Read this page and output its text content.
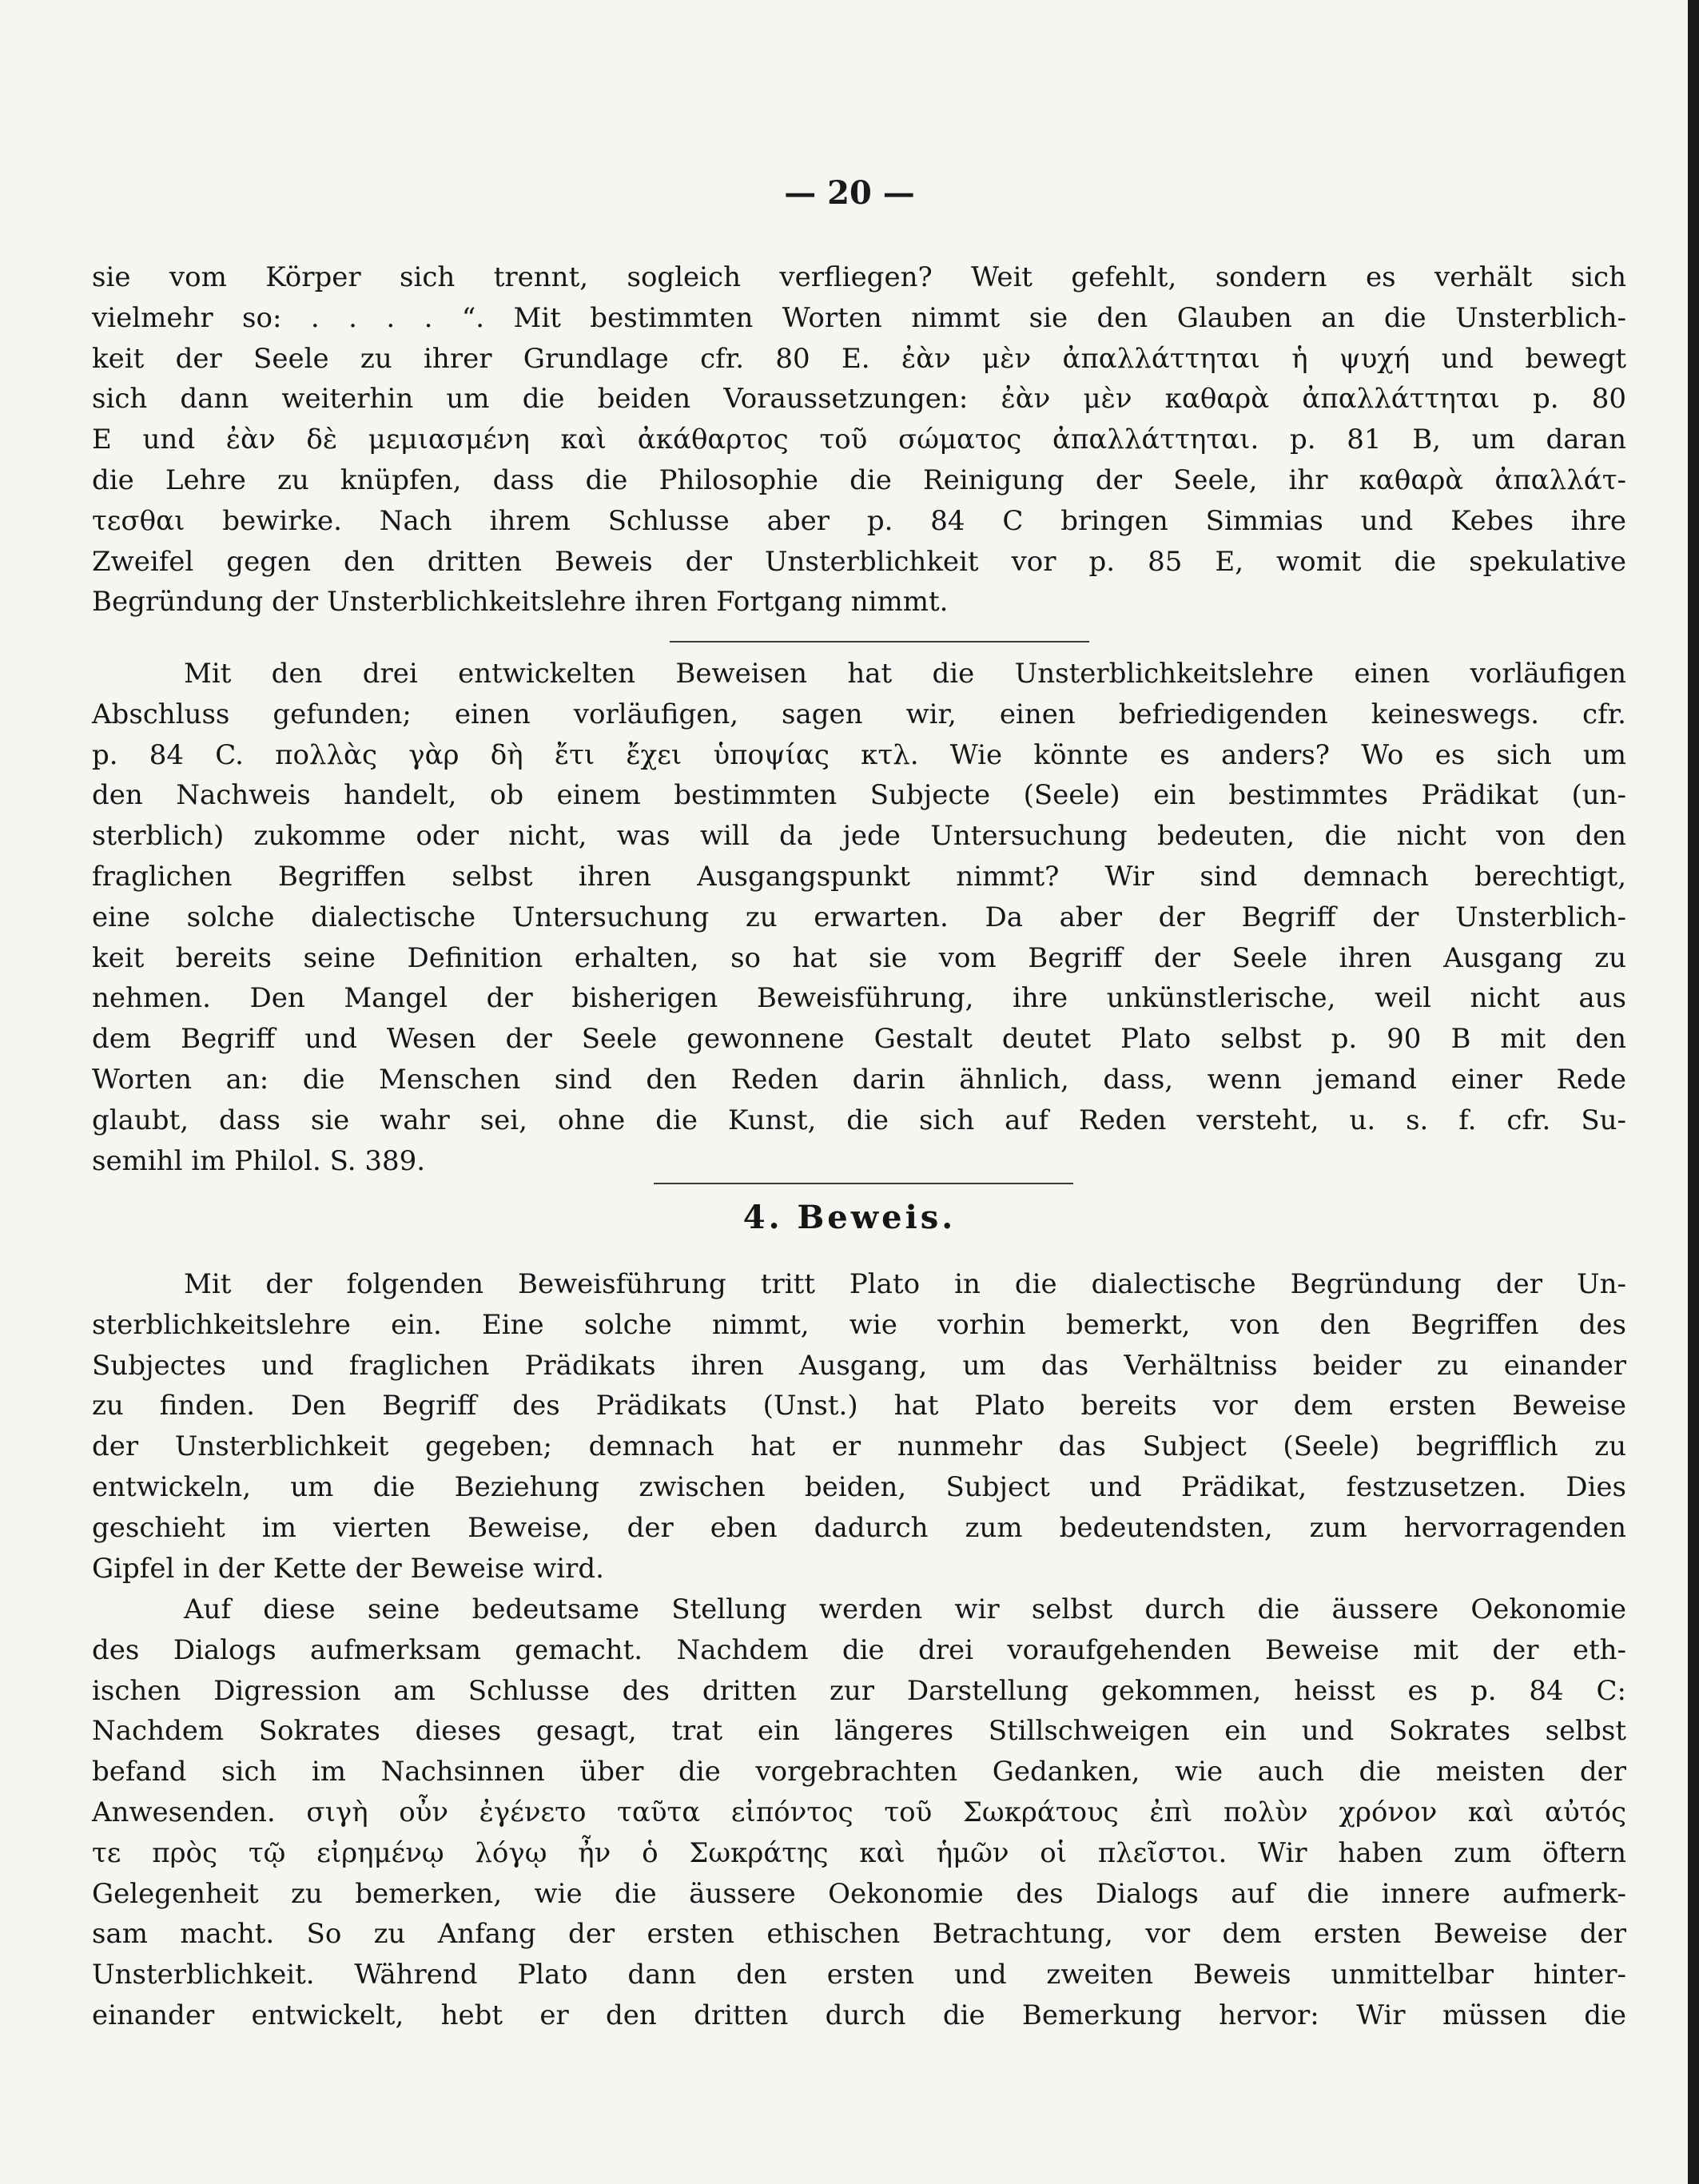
— 20 —

sie vom Körper sich trennt, sogleich verfliegen? Weit gefehlt, sondern es verhält sich

vielmehr so: . . . . “. Mit bestimmten Worten nimmt sie den Glauben an die Unsterblich-

keit der Seele zu ihrer Grundlage cfr. 80 E. ἐὰν μὲν ἀπαλλάττηται ἡ ψυχή und bewegt

sich dann weiterhin um die beiden Voraussetzungen: ἐὰν μὲν καθαρὰ ἀπαλλάττηται p. 80

E und ἐὰν δὲ μεμιασμένη καὶ ἀκάθαρτος τοῦ σώματος ἀπαλλάττηται. p. 81 B, um daran

die Lehre zu knüpfen, dass die Philosophie die Reinigung der Seele, ihr καθαρὰ ἀπαλλάτ-

τεσθαι bewirke. Nach ihrem Schlusse aber p. 84 C bringen Simmias und Kebes ihre

Zweifel gegen den dritten Beweis der Unsterblichkeit vor p. 85 E, womit die spekulative

Begründung der Unsterblichkeitslehre ihren Fortgang nimmt.

Mit den drei entwickelten Beweisen hat die Unsterblichkeitslehre einen vorläufigen

Abschluss gefunden; einen vorläufigen, sagen wir, einen befriedigenden keineswegs. cfr.

p. 84 C. πολλὰς γὰρ δὴ ἔτι ἔχει ὑποψίας κτλ. Wie könnte es anders? Wo es sich um

den Nachweis handelt, ob einem bestimmten Subjecte (Seele) ein bestimmtes Prädikat (un-

sterblich) zukomme oder nicht, was will da jede Untersuchung bedeuten, die nicht von den

fraglichen Begriffen selbst ihren Ausgangspunkt nimmt? Wir sind demnach berechtigt,

eine solche dialectische Untersuchung zu erwarten. Da aber der Begriff der Unsterblich-

keit bereits seine Definition erhalten, so hat sie vom Begriff der Seele ihren Ausgang zu

nehmen. Den Mangel der bisherigen Beweisführung, ihre unkünstlerische, weil nicht aus

dem Begriff und Wesen der Seele gewonnene Gestalt deutet Plato selbst p. 90 B mit den

Worten an: die Menschen sind den Reden darin ähnlich, dass, wenn jemand einer Rede

glaubt, dass sie wahr sei, ohne die Kunst, die sich auf Reden versteht, u. s. f. cfr. Su-

semihl im Philol. S. 389.

4. Beweis.

Mit der folgenden Beweisführung tritt Plato in die dialectische Begründung der Un-

sterblichkeitslehre ein. Eine solche nimmt, wie vorhin bemerkt, von den Begriffen des

Subjectes und fraglichen Prädikats ihren Ausgang, um das Verhältniss beider zu einander

zu finden. Den Begriff des Prädikats (Unst.) hat Plato bereits vor dem ersten Beweise

der Unsterblichkeit gegeben; demnach hat er nunmehr das Subject (Seele) begrifflich zu

entwickeln, um die Beziehung zwischen beiden, Subject und Prädikat, festzusetzen. Dies

geschieht im vierten Beweise, der eben dadurch zum bedeutendsten, zum hervorragenden

Gipfel in der Kette der Beweise wird.

Auf diese seine bedeutsame Stellung werden wir selbst durch die äussere Oekonomie

des Dialogs aufmerksam gemacht. Nachdem die drei voraufgehenden Beweise mit der eth-

ischen Digression am Schlusse des dritten zur Darstellung gekommen, heisst es p. 84 C:

Nachdem Sokrates dieses gesagt, trat ein längeres Stillschweigen ein und Sokrates selbst

befand sich im Nachsinnen über die vorgebrachten Gedanken, wie auch die meisten der

Anwesenden. σιγὴ οὖν ἐγένετο ταῦτα εἰπόντος τοῦ Σωκράτους ἐπὶ πολὺν χρόνον καὶ αὐτός

τε πρὸς τῷ εἰρημένῳ λόγῳ ἦν ὁ Σωκράτης καὶ ἡμῶν οἱ πλεῖστοι. Wir haben zum öftern

Gelegenheit zu bemerken, wie die äussere Oekonomie des Dialogs auf die innere aufmerk-

sam macht. So zu Anfang der ersten ethischen Betrachtung, vor dem ersten Beweise der

Unsterblichkeit. Während Plato dann den ersten und zweiten Beweis unmittelbar hinter-

einander entwickelt, hebt er den dritten durch die Bemerkung hervor: Wir müssen die
